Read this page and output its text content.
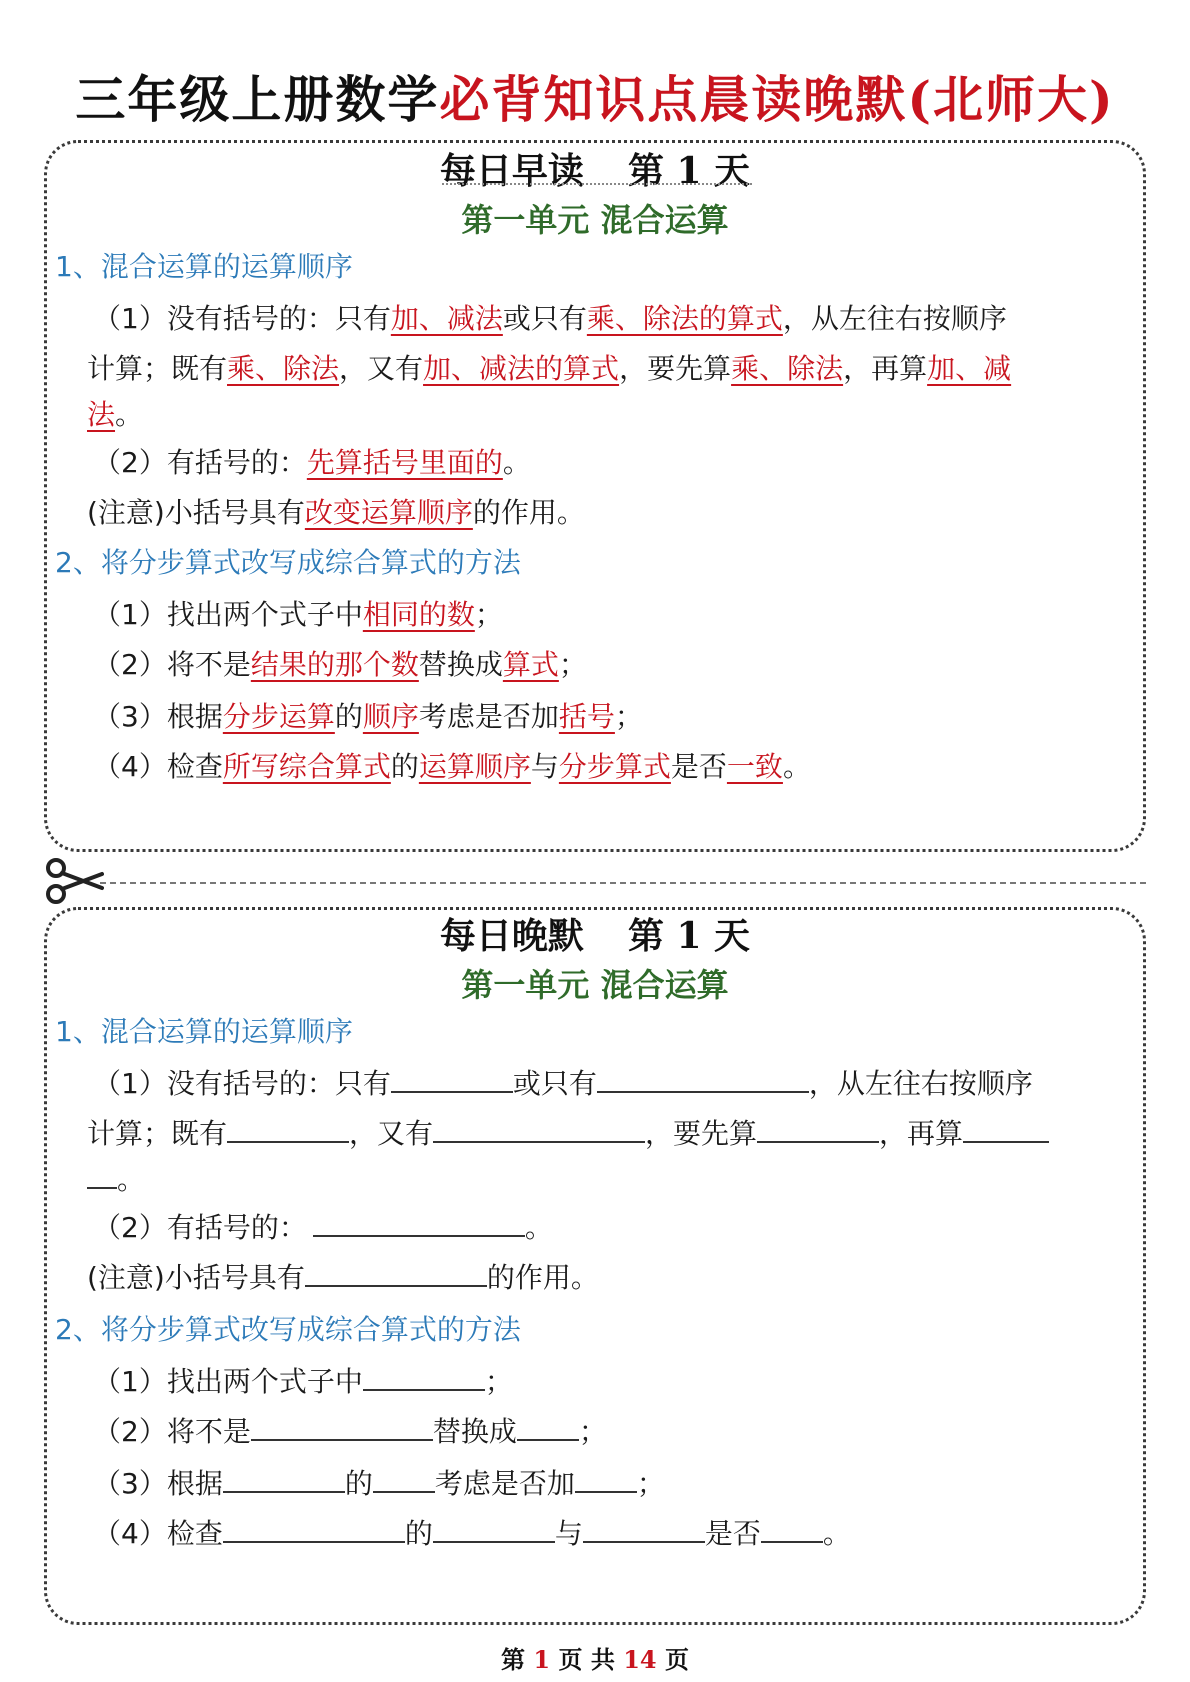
三年级上册数学必背知识点晨读晚默(北师大)
每日早读 第 1 天
第一单元 混合运算
1、混合运算的运算顺序
（1）没有括号的：只有加、减法或只有乘、除法的算式，从左往右按顺序
计算；既有乘、除法，又有加、减法的算式，要先算乘、除法，再算加、减
法。
（2）有括号的：先算括号里面的。
(注意)小括号具有改变运算顺序的作用。
2、将分步算式改写成综合算式的方法
（1）找出两个式子中相同的数；
（2）将不是结果的那个数替换成算式；
（3）根据分步运算的顺序考虑是否加括号；
（4）检查所写综合算式的运算顺序与分步算式是否一致。
每日晚默 第 1 天
第一单元 混合运算
1、混合运算的运算顺序
（1）没有括号的：只有	或只有	，从左往右按顺序
计算；既有	，又有	，要先算	，再算
。
（2）有括号的：	。
(注意)小括号具有	的作用。
2、将分步算式改写成综合算式的方法
（1）找出两个式子中	；
（2）将不是	替换成 ；
（3）根据	的 考虑是否加 ；
（4）检查	的	与	是否 。
第 1 页 共 14 页
